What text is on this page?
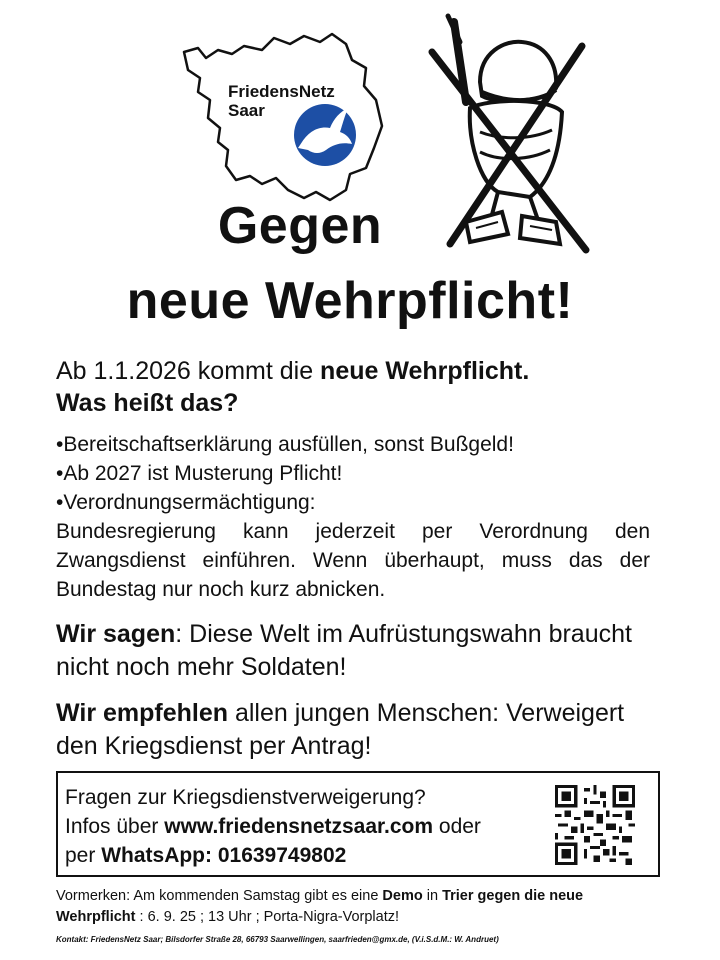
FriedensNetz
Saar
Gegen
neue Wehrpflicht!
Ab 1.1.2026 kommt die neue Wehrpflicht.
Was heißt das?
•Bereitschaftserklärung ausfüllen, sonst Bußgeld!
•Ab 2027 ist Musterung Pflicht!
•Verordnungsermächtigung:
Bundesregierung kann jederzeit per Verordnung den Zwangsdienst einführen. Wenn überhaupt, muss das der Bundestag nur noch kurz abnicken.
Wir sagen: Diese Welt im Aufrüstungswahn braucht nicht noch mehr Soldaten!
Wir empfehlen allen jungen Menschen: Verweigert den Kriegsdienst per Antrag!
Fragen zur Kriegsdienstverweigerung?
Infos über www.friedensnetzsaar.com oder
per WhatsApp: 01639749802
Vormerken: Am kommenden Samstag gibt es eine Demo in Trier gegen die neue Wehrpflicht : 6. 9. 25 ; 13 Uhr ; Porta-Nigra-Vorplatz!
Kontakt: FriedensNetz Saar; Bilsdorfer Straße 28, 66793 Saarwellingen, saarfrieden@gmx.de, (V.i.S.d.M.: W. Andruet)
